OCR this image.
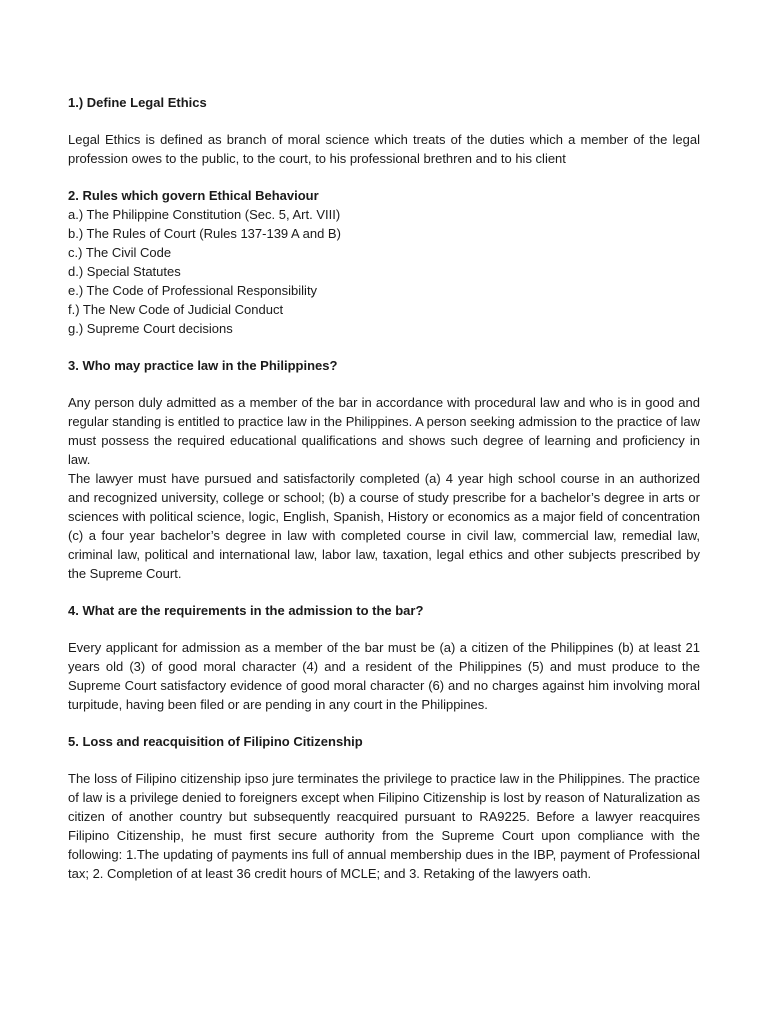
1.) Define Legal Ethics

Legal Ethics is defined as branch of moral science which treats of the duties which a member of the legal profession owes to the public, to the court, to his professional brethren and to his client

2. Rules which govern Ethical Behaviour

a.) The Philippine Constitution (Sec. 5, Art. VIII)
b.) The Rules of Court (Rules 137-139 A and B)
c.) The Civil Code
d.) Special Statutes
e.) The Code of Professional Responsibility
f.) The New Code of Judicial Conduct
g.) Supreme Court decisions

3. Who may practice law in the Philippines?

Any person duly admitted as a member of the bar in accordance with procedural law and who is in good and regular standing is entitled to practice law in the Philippines. A person seeking admission to the practice of law must possess the required educational qualifications and shows such degree of learning and proficiency in law.

The lawyer must have pursued and satisfactorily completed (a) 4 year high school course in an authorized and recognized university, college or school; (b) a course of study prescribe for a bachelor’s degree in arts or sciences with political science, logic, English, Spanish, History or economics as a major field of concentration (c) a four year bachelor’s degree in law with completed course in civil law, commercial law, remedial law, criminal law, political and international law, labor law, taxation, legal ethics and other subjects prescribed by the Supreme Court.

4. What are the requirements in the admission to the bar?

Every applicant for admission as a member of the bar must be (a) a citizen of the Philippines (b) at least 21 years old (3) of good moral character (4) and a resident of the Philippines (5) and must produce to the Supreme Court satisfactory evidence of good moral character (6) and no charges against him involving moral turpitude, having been filed or are pending in any court in the Philippines.

5. Loss and reacquisition of Filipino Citizenship

The loss of Filipino citizenship ipso jure terminates the privilege to practice law in the Philippines. The practice of law is a privilege denied to foreigners except when Filipino Citizenship is lost by reason of Naturalization as citizen of another country but subsequently reacquired pursuant to RA9225. Before a lawyer reacquires Filipino Citizenship, he must first secure authority from the Supreme Court upon compliance with the following: 1.The updating of payments ins full of annual membership dues in the IBP, payment of Professional tax; 2. Completion of at least 36 credit hours of MCLE; and 3. Retaking of the lawyers oath.
